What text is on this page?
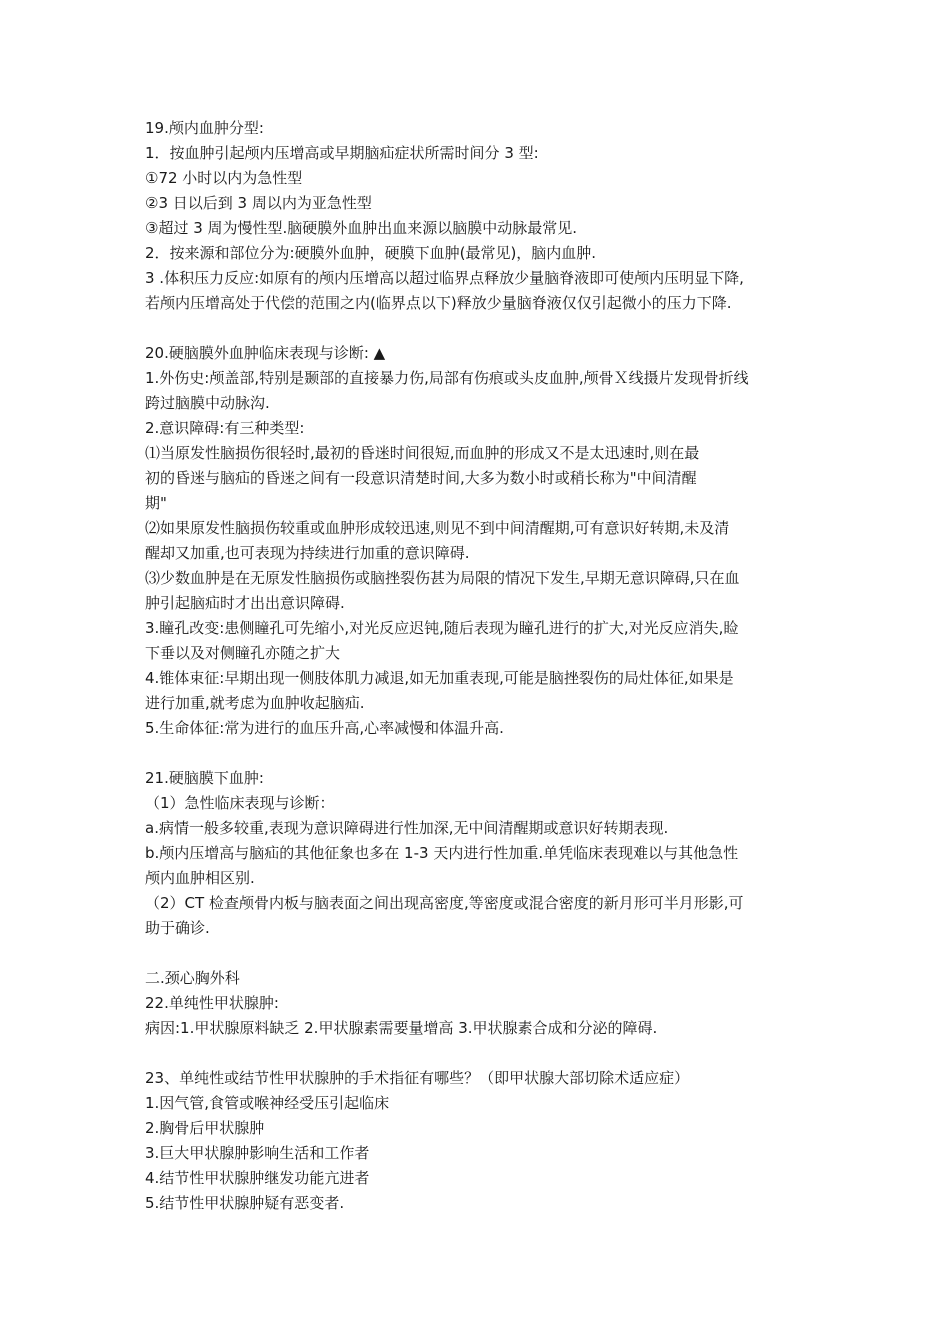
19.颅内血肿分型:
1．按血肿引起颅内压增高或早期脑疝症状所需时间分 3 型:
①72 小时以内为急性型
②3 日以后到 3 周以内为亚急性型
③超过 3 周为慢性型.脑硬膜外血肿出血来源以脑膜中动脉最常见.
2．按来源和部位分为:硬膜外血肿，硬膜下血肿(最常见)，脑内血肿.
3 .体积压力反应:如原有的颅内压增高以超过临界点释放少量脑脊液即可使颅内压明显下降,
若颅内压增高处于代偿的范围之内(临界点以下)释放少量脑脊液仅仅引起微小的压力下降.
20.硬脑膜外血肿临床表现与诊断: ▲
1.外伤史:颅盖部,特别是颞部的直接暴力伤,局部有伤痕或头皮血肿,颅骨Ｘ线摄片发现骨折线
跨过脑膜中动脉沟.
2.意识障碍:有三种类型:
⑴当原发性脑损伤很轻时,最初的昏迷时间很短,而血肿的形成又不是太迅速时,则在最
初的昏迷与脑疝的昏迷之间有一段意识清楚时间,大多为数小时或稍长称为"中间清醒
期"
⑵如果原发性脑损伤较重或血肿形成较迅速,则见不到中间清醒期,可有意识好转期,未及清
醒却又加重,也可表现为持续进行加重的意识障碍.
⑶少数血肿是在无原发性脑损伤或脑挫裂伤甚为局限的情况下发生,早期无意识障碍,只在血
肿引起脑疝时才出出意识障碍.
3.瞳孔改变:患侧瞳孔可先缩小,对光反应迟钝,随后表现为瞳孔进行的扩大,对光反应消失,睑
下垂以及对侧瞳孔亦随之扩大
4.锥体束征:早期出现一侧肢体肌力减退,如无加重表现,可能是脑挫裂伤的局灶体征,如果是
进行加重,就考虑为血肿收起脑疝.
5.生命体征:常为进行的血压升高,心率减慢和体温升高.
21.硬脑膜下血肿:
（1）急性临床表现与诊断：
a.病情一般多较重,表现为意识障碍进行性加深,无中间清醒期或意识好转期表现.
b.颅内压增高与脑疝的其他征象也多在 1-3 天内进行性加重.单凭临床表现难以与其他急性
颅内血肿相区别.
（2）CT 检查颅骨内板与脑表面之间出现高密度,等密度或混合密度的新月形可半月形影,可
助于确诊.
二.颈心胸外科
22.单纯性甲状腺肿:
病因:1.甲状腺原料缺乏 2.甲状腺素需要量增高 3.甲状腺素合成和分泌的障碍.
23、单纯性或结节性甲状腺肿的手术指征有哪些？（即甲状腺大部切除术适应症）
1.因气管,食管或喉神经受压引起临床
2.胸骨后甲状腺肿
3.巨大甲状腺肿影响生活和工作者
4.结节性甲状腺肿继发功能亢进者
5.结节性甲状腺肿疑有恶变者.
